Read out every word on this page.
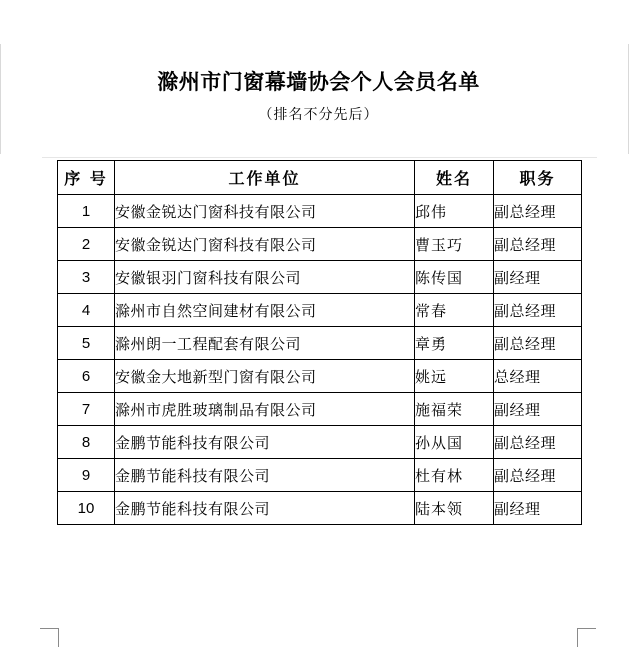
滁州市门窗幕墙协会个人会员名单
（排名不分先后）
序 号	工作单位	姓名	职务
1	安徽金锐达门窗科技有限公司	邱伟	副总经理
2	安徽金锐达门窗科技有限公司	曹玉巧	副总经理
3	安徽银羽门窗科技有限公司	陈传国	副经理
4	滁州市自然空间建材有限公司	常春	副总经理
5	滁州朗一工程配套有限公司	章勇	副总经理
6	安徽金大地新型门窗有限公司	姚远	总经理
7	滁州市虎胜玻璃制品有限公司	施福荣	副经理
8	金鹏节能科技有限公司	孙从国	副总经理
9	金鹏节能科技有限公司	杜有林	副总经理
10	金鹏节能科技有限公司	陆本领	副经理
